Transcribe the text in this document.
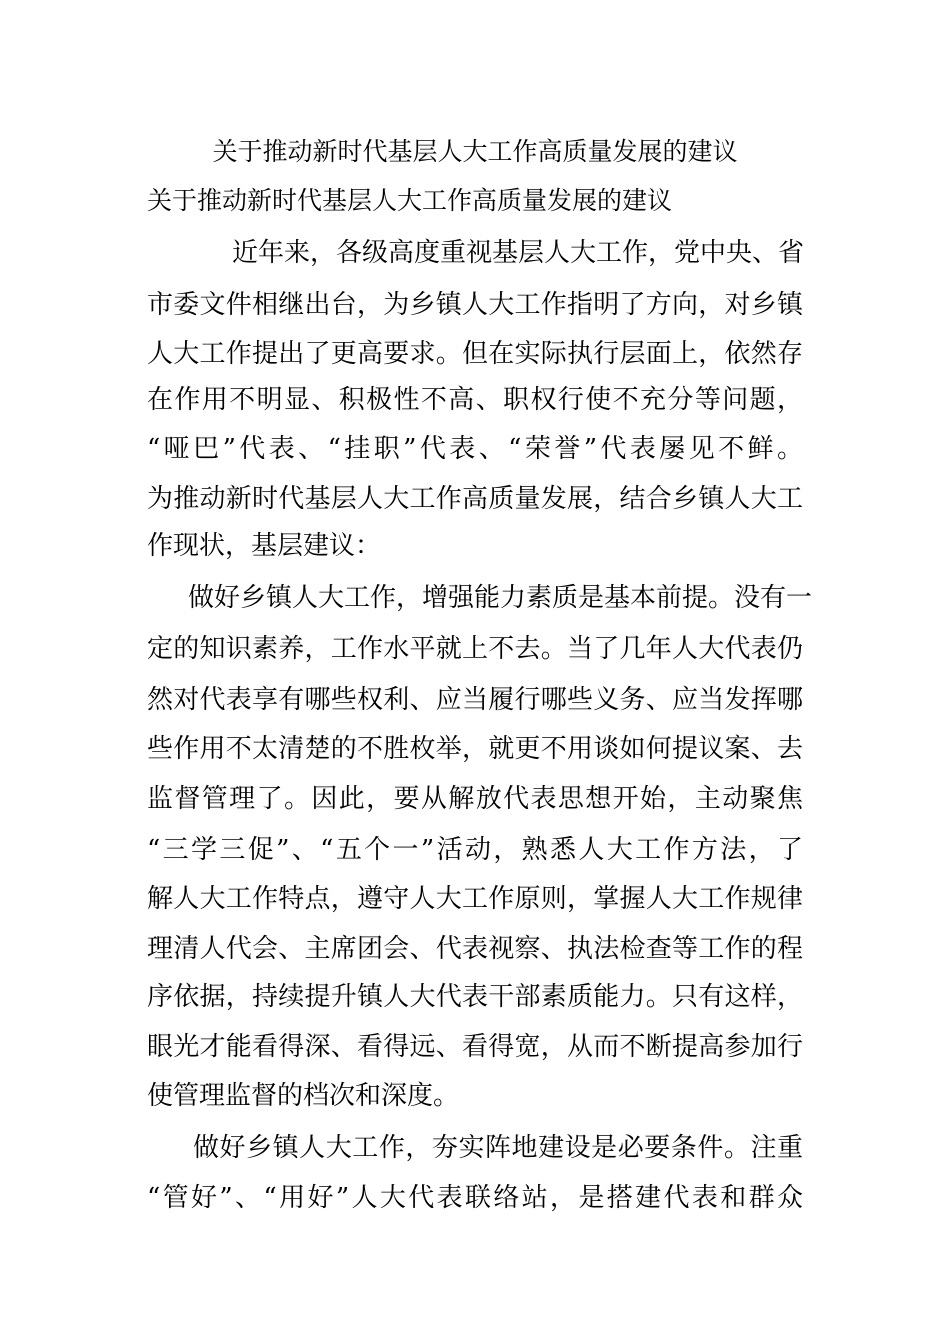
关于推动新时代基层人大工作高质量发展的建议
关于推动新时代基层人大工作高质量发展的建议
近年来，各级高度重视基层人大工作，党中央、省
市委文件相继出台，为乡镇人大工作指明了方向，对乡镇
人大工作提出了更高要求。但在实际执行层面上，依然存
在作用不明显、积极性不高、职权行使不充分等问题，
“哑巴”代表、“挂职”代表、“荣誉”代表屡见不鲜。
为推动新时代基层人大工作高质量发展，结合乡镇人大工
作现状，基层建议：
做好乡镇人大工作，增强能力素质是基本前提。没有一
定的知识素养，工作水平就上不去。当了几年人大代表仍
然对代表享有哪些权利、应当履行哪些义务、应当发挥哪
些作用不太清楚的不胜枚举，就更不用谈如何提议案、去
监督管理了。因此，要从解放代表思想开始，主动聚焦
“三学三促”、“五个一”活动，熟悉人大工作方法，了
解人大工作特点，遵守人大工作原则，掌握人大工作规律
理清人代会、主席团会、代表视察、执法检查等工作的程
序依据，持续提升镇人大代表干部素质能力。只有这样，
眼光才能看得深、看得远、看得宽，从而不断提高参加行
使管理监督的档次和深度。
做好乡镇人大工作，夯实阵地建设是必要条件。注重
“管好”、“用好”人大代表联络站，是搭建代表和群众
